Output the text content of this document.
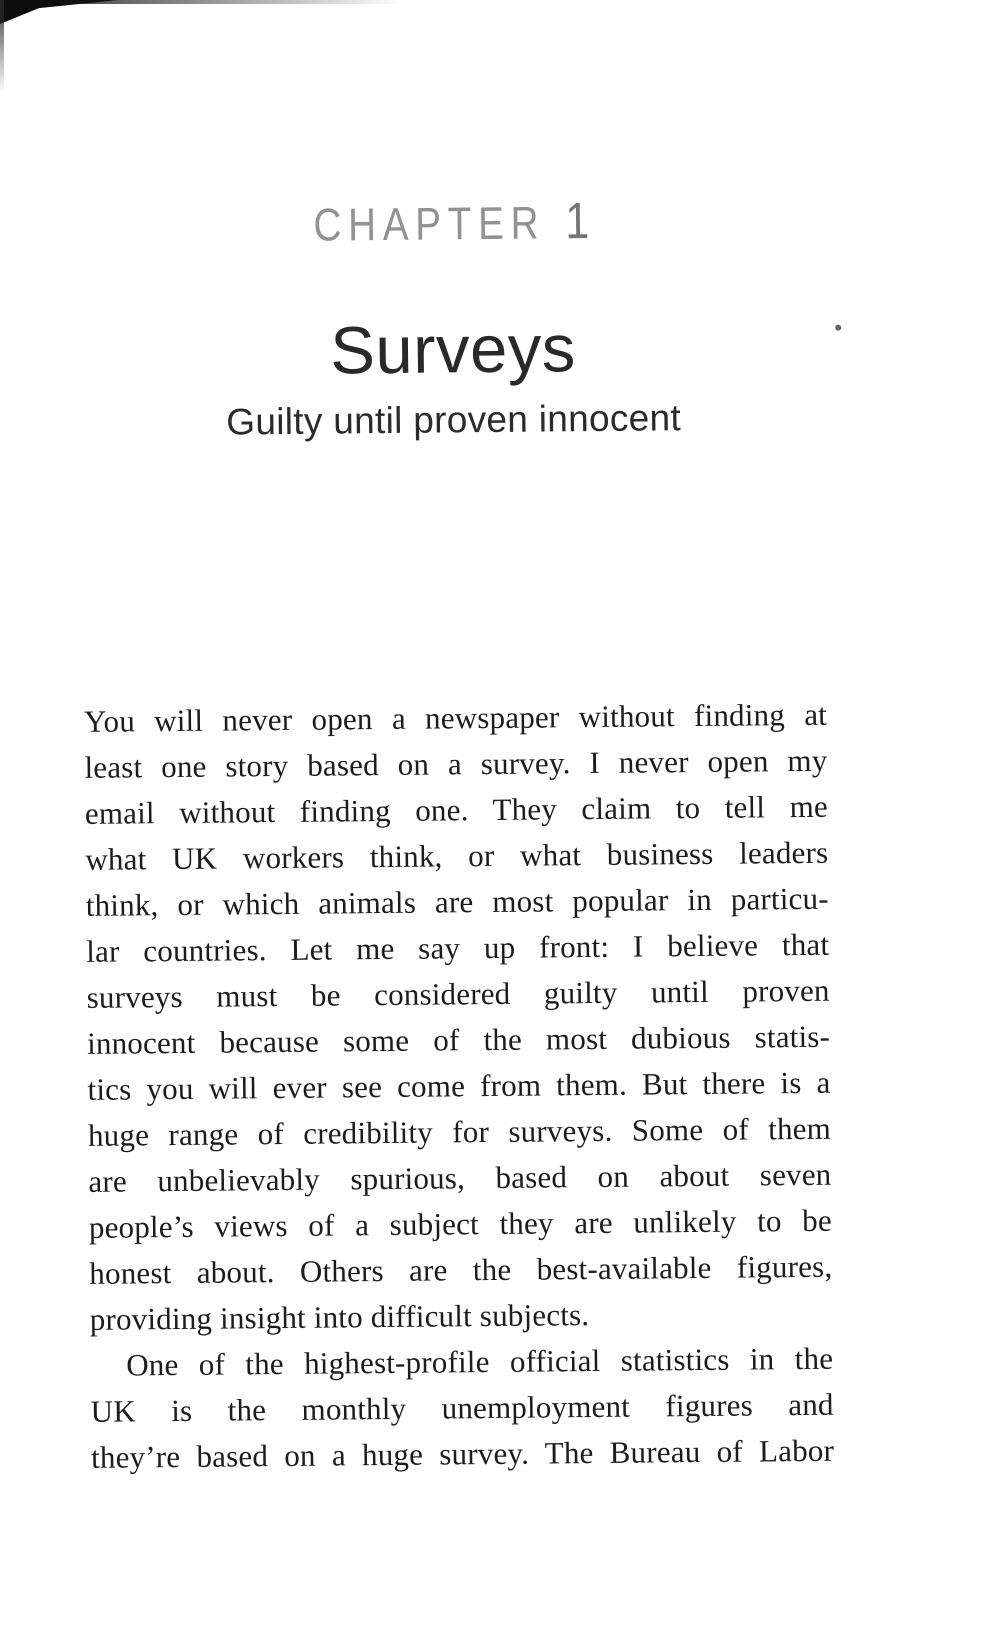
CHAPTER 1
Surveys
Guilty until proven innocent
You will never open a newspaper without finding at
least one story based on a survey. I never open my
email without finding one. They claim to tell me
what UK workers think, or what business leaders
think, or which animals are most popular in particu-
lar countries. Let me say up front: I believe that
surveys must be considered guilty until proven
innocent because some of the most dubious statis-
tics you will ever see come from them. But there is a
huge range of credibility for surveys. Some of them
are unbelievably spurious, based on about seven
people’s views of a subject they are unlikely to be
honest about. Others are the best-available figures,
providing insight into difficult subjects.
One of the highest-profile official statistics in the
UK is the monthly unemployment figures and
they’re based on a huge survey. The Bureau of Labor
